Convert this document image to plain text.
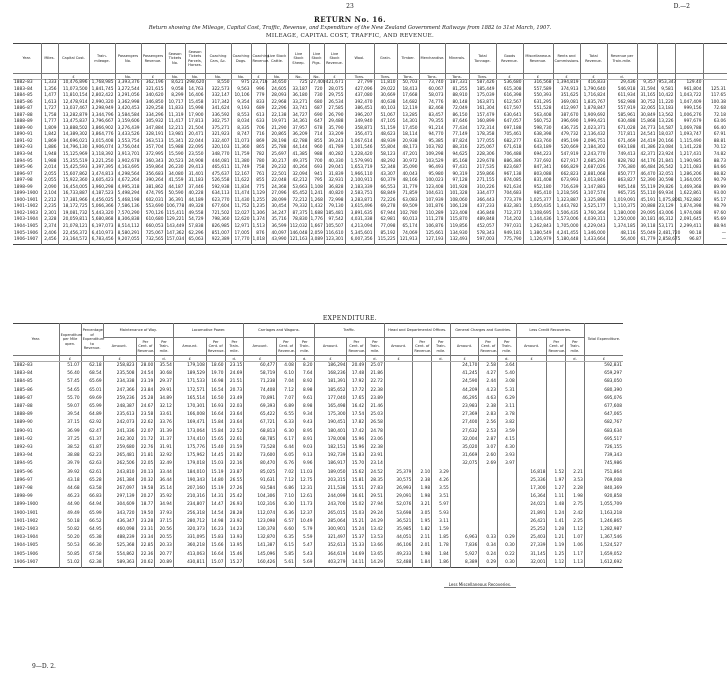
23	D.—2
RETURN No. 16.
Return showing the Mileage, Capital Cost, Traffic, Revenue, and Expenditure of the New Zealand Government Railways from 1882 to 31st March, 1907.
MILEAGE, CAPITAL COST, TRAFFIC, AND REVENUE.
Year.	Miles.	Capital Cost.	Train-mileage.	Passengers No.	Passengers Revenue.	Season Tickets No.	Season Tickets Parcels, Horses.	Coaching Cars, &c.	Coaching Dogs.	Coaching Revenue.	Live Stock Cattle.	Live Stock Sheep.	Live Stock Pigs.	Live Stock Revenue.	Wool.	Grain.	Timber.	Merchandise.	Minerals.	Total Tonnage.	Goods Revenue.	Miscellaneous Revenue.	Rents and Commissions.	Total Revenue.	Revenue per Train-mile.				
		£		No.	£	No.	No.	No.	No.	£	No.	No.	No.	£	Tons.	Tons.	Tons.	Tons.	Tons.	Tons.	£	£	£	£	d.				
1882–83	1,333	10,476,896	1,768,985	3,393,376	362,196	8,621	298,620	8,550	975	23,716	34,650	725	27,400	421,671	27,799	11,810	50,703	73,740	187,331	587,426	536,680	316,568	1,394,819	416,833	29,436	9,357	953,347	129.40	
1883–84	1,356	11,073,500	1,841,745	3,272,544	321,615	9,058	14,763	322,573	9,563	996	24,605	33,187	720	28,075	427,096	29,022	18,413	60,067	81,255	185,449	615,308	557,589	374,913	1,790,640	546,918	31,594	9,581	961,804	125.31
1884–85	1,477	11,810,154	2,802,422	3,291,056	340,620	8,299	16,406	332,147	10,106	779	28,093	36,180	730	29,755	437,080	30,669	17,668	58,073	88,910	175,039	616,398	550,393	351,625	1,716,824	611,934	31,165	10,422	1,043,722	117.65
1885–86	1,613	12,478,914	2,990,320	3,362,998	346,850	10,717	15,458	317,342	9,354	833	22,968	33,271	680	26,534	392,470	40,638	14,682	74,776	80,148	163,871	612,567	631,295	369,081	1,835,767	562,988	30,752	11,220	1,047,409	100.38
1886–87	1,727	13,037,467	3,298,949	3,420,453	329,258	11,833	15,998	341,624	9,193	689	22,296	33,741	687	27,585	386,451	40,103	12,119	82,468	72,049	161,304	617,597	551,528	412,997	1,878,847	557,919	32,065	13,183	999,156	72.68
1887–88	1,758	13,282,879	3,344,796	3,584,584	334,296	11,319	17,900	336,592	8,553	613	22,138	34,727	690	26,790	396,207	51,067	13,285	83,457	86,150	157,479	630,641	563,408	387,670	1,909,692	585,961	30,849	13,562	1,006,276	72.18
1888–89	1,777	13,475,837	3,796,667	3,159,606	305,932	11,417	17,813	302,757	8,034	633	19,971	34,361	647	29,488	349,940	47,105	14,301	79,355	87,646	160,899	647,057	560,752	396,690	1,999,421	630,488	15,868	13,226	997,679	63.06
1889–90	1,809	13,888,502	3,866,902	3,276,439	347,884	12,211	21,504	375,271	8,335	706	21,290	37,957	678	35,790	358,871	51,159	17,450	91,214	77,434	172,314	697,188	598,730	436,735	2,023,371	671,028	24,773	14,587	1,069,788	66.40
1890–91	1,842	14,389,302	3,864,776	3,433,526	328,191	13,981	20,471	321,923	8,747	716	20,865	36,209	714	33,209	356,471	48,623	18,114	94,770	77,149	178,358	705,461	638,398	479,732	2,136,432	717,811	24,541	18,037	1,093,747	67.91
1891–92	1,869	14,696,021	3,015,408	3,553,754	363,513	15,341	22,044	332,407	11,073	869	28,198	42,788	855	39,243	1,067,614	48,939	20,938	95,385	87,824	177,055	682,277	633,760	495,199	2,096,751	671,469	24,419	20,166	1,115,490	88.81
1892–93	1,886	14,796,130	3,906,074	3,756,044	357,704	15,988	22,095	320,103	11,360	865	25,788	44,144	960	41,789	1,101,546	55,804	48,173	103,782	88,316	225,067	671,618	643,189	520,669	2,184,302	693,188	41,386	23,084	1,141,228	70.12
1893–94	1,948	15,125,969	3,118,392	3,913,701	372,995	15,590	23,550	348,770	11,759	782	25,697	41,385	988	40,282	1,228,420	58,123	47,201	109,298	94,625	228,306	706,488	694,223	547,919	2,243,770	749,413	42,371	23,924	1,217,431	74.82
1894–95	1,988	15,355,519	3,221,250	3,902,678	360,343	20,523	24,908	444,081	11,380	780	30,217	49,375	700	40,330	1,579,991	48,292	30,972	103,529	85,168	229,678	886,386	737,692	627,917	2,685,291	828,782	44,176	21,841	1,190,985	88.73
1895–96	2,014	15,425,593	3,397,395	4,163,695	359,864	26,230	29,413	465,611	11,749	758	29,232	40,264	693	29,041	1,653,719	52,348	35,090	96,493	97,431	217,535	823,687	847,341	666,829	2,687,026	776,380	46,484	26,542	1,211,083	84.66
1896–97	2,055	15,607,862	3,474,813	4,298,564	356,683	34,080	31,401	475,637	12,167	761	22,501	32,094	941	31,839	1,966,110	43,307	40,043	95,980	90,319	259,866	967,138	803,088	662,823	2,881,068	850,777	46,470	32,051	1,286,206	88.82
1897–98	2,055	15,922,360	3,605,423	4,672,264	390,264	41,559	31,183	526,558	11,622	855	22,048	42,212	795	32,931	2,100,911	60,379	48,166	100,023	97,128	271,155	874,085	831,408	673,993	3,013,846	863,827	52,390	30,598	1,364,005	90.79
1898–99	2,090	16,454,005	3,960,298	4,995,318	381,862	44,187	37,446	592,938	11,834	775	24,368	53,663	1,108	36,828	2,183,339	66,553	31,779	123,408	101,928	310,226	921,634	952,180	716,639	3,147,883	905,148	55,119	29,826	1,469,368	89.99
1899–1900	2,104	16,733,887	4,187,523	5,498,294	474,795	50,590	40,228	634,113	11,474	1,129	27,096	65,452	1,241	40,820	2,583,751	68,849	71,859	104,631	101,328	334,477	704,683	985,410	1,218,595	3,107,574	965,735	55,110	69,934	1,622,861	93.00
1900–1901	2,212	17,381,966	4,456,025	5,468,198	602,031	36,391	44,189	623,770	11,430	1,255	28,099	72,212	1,268	72,998	3,283,871	72,226	63,083	107,939	108,060	366,443	773,379	1,025,377	1,323,887	3,325,898	1,019,091	45,191	1,075,806	1,762,882	95.17
1901–1902	2,235	18,172,725	5,066,366	7,586,136	553,690	106,778	49,328	677,604	11,752	1,235	30,454	79,332	1,432	79,130	3,615,496	69,278	69,509	101,876	106,128	437,233	832,381	1,050,435	1,443,782	3,525,177	1,110,375	20,888	23,129	1,874,398	98.79
1902–1903	2,301	19,081,732	5,443,320	7,570,290	570,126	115,411	49,558	721,502	12,027	1,306	34,247	87,375	1,688	185,481	3,891,635	67,944	102,780	110,289	123,408	436,848	712,372	1,108,695	1,506,435	3,760,364	1,180,000	29,095	43,006	1,974,088	97.60
1903–1904	2,328	20,059,811	5,680,868	8,306,838	610,680	129,221	54,729	798,360	12,620	1,374	35,716	78,830	1,776	97,542	4,031,338	62,981	60,013	111,278	115,870	489,848	714,202	1,144,436	1,573,006	4,039,311	1,250,000	30,181	46,312	2,091,645	95.69
1904–1905	2,374	21,078,121	6,197,073	8,514,112	660,053	143,449	57,838	826,985	12,971	1,513	36,599	112,032	1,667	105,507	4,213,094	77,098	65,174	106,876	119,856	452,057	797,031	1,262,843	1,705,000	4,229,043	1,374,185	39,118	53,171	2,299,411	88.94
1905–1906	2,406	22,456,372	6,410,973	8,580,291	725,067	147,362	62,296	851,007	17,005	876	40,097	146,048	2,059	116,610	5,345,601	85,192	74,069	125,661	134,930	578,343	949,181	1,380,549	4,241,455	1,346,000	48,116	55,049	2,481,720	90.18	—
1906–1907	2,456	23,164,572	6,783,456	9,207,055	732,565	157,034	65,063	922,389	17,770	1,018	43,990	121,163	3,089	123,301	6,007,356	115,225	121,913	127,193	132,493	597,003	775,790	1,126,979	5,180,448	1,433,664	56,400	61,779	2,858,675	96.87	—
EXPENDITURE.
Year.	Expenditure per Mile open.	Percentage of Expenditure to Revenue.	Maintenance of Way.			Locomotive Power.			Carriages and Wagons.			Traffic.			Head and Departmental Offices.			General Charges and Sundries.			Less Credit Recoveries.			Total Expenditure.
			Amount.	Per Cent. of Revenue.	Per Train-mile.	Amount.	Per Cent. of Revenue.	Per Train-mile.	Amount.	Per Cent. of Revenue.	Per Train-mile.	Amount.	Per Cent. of Revenue.	Per Train-mile.	Amount.	Per Cent. of Revenue.	Per Train-mile.	Amount.	Per Cent. of Revenue.	Per Train-mile.	Amount.	Per Cent. of Revenue.	Per Train-mile.	
	£		£		d.	£		d.	£		d.	£		d.	£		d.	£		d.	£		d.	£
1882–83	51.07	62.18	258,823	28.00	35.54	179,108	18.60	23.15	60,477	4.08	8.20	186,294	20.49	25.07				24,170	2.58	3.64				592,831
1883–84	56.40	68.54	235,508	24.54	30.68	189,529	19.70	24.69	58,719	6.10	7.64	168,236	17.48	21.86				41,245	4.27	5.40				659,297
1884–85	57.45	65.69	234,338	23.19	29.37	171,533	16.98	21.51	71,238	7.04	8.92	181,391	17.92	22.72				24,590	2.44	3.08				683,050
1885–86	54.65	65.01	247,366	23.84	29.91	172,571	16.54	20.73	74,408	7.12	8.98	185,652	17.72	22.38				44,209	4.23	5.31				680,390
1886–87	55.70	69.69	259,236	25.28	34.89	165,514	16.50	23.49	70,891	7.07	9.61	177,040	17.65	23.89				46,295	4.63	6.29				695,076
1887–88	59.07	65.99	248,387	24.67	32.12	170,301	16.93	22.03	69,393	6.89	8.98	165,498	16.42	21.46				23,983	2.38	3.11				677,608
1888–89	39.54	64.89	235,613	23.58	33.61	166,008	16.64	23.64	65,422	6.55	9.34	175,300	17.54	25.03				27,369	2.83	3.78				647,065
1889–90	37.15	62.92	242,073	22.62	33.76	169,471	15.84	23.64	67,721	6.33	9.43	190,451	17.82	26.58				27,400	2.56	3.82				682,767
1890–91	36.99	62.47	241,336	22.07	31.39	173,064	15.84	22.52	68,813	6.30	8.95	180,401	17.42	24.78				27,632	2.53	3.59				683,634
1891–92	37.25	61.37	242,302	21.72	31.37	174,410	15.65	22.61	68,785	6.17	8.91	178,008	15.96	23.06				32,004	2.87	4.15				695,517
1892–93	38.52	61.87	259,680	22.76	31.91	175,776	15.40	21.59	73,528	6.44	9.03	182,151	15.96	22.38				35,020	3.07	4.30				726,155
1893–94	38.88	62.23	265,481	21.81	32.92	175,962	14.45	21.82	73,600	6.05	9.13	192,739	15.83	23.91				31,669	2.60	3.93				739,343
1894–95	39.79	62.63	262,506	22.05	32.49	179,018	15.03	22.16	80,470	6.76	9.96	186,917	15.70	23.14				32,075	2.69	3.97				745,986
1895–96	39.92	62.61	243,810	20.13	33.44	184,010	15.19	23.87	85,025	7.02	11.03	189,050	15.62	24.52	25,379	2.10	3.29				16,818	1.52	2.21	751,864
1896–97	43.18	65.28	261,384	20.32	36.44	190,343	14.80	26.55	91,631	7.12	12.75	203,315	15.81	28.35	30,575	2.38	4.26				25,336	1.97	3.53	769,008
1897–98	44.68	63.58	267,097	19.58	35.14	207,160	15.19	27.26	93,584	6.86	12.31	211,538	15.51	27.83	26,993	1.98	3.55				17,300	1.27	2.28	840,369
1898–99	46.23	66.83	297,139	20.27	35.92	210,316	14.31	25.42	104,306	7.10	12.61	244,099	16.61	29.51	29,091	1.98	3.51				16,364	1.11	1.98	920,858
1899–1900	44.90	64.94	304,609	18.77	34.94	234,807	14.47	26.93	102,316	6.30	11.73	243,700	15.02	27.94	52,076	3.21	5.97				24,021	1.48	2.75	1,055,709
1900–1901	49.49	65.99	343,720	19.50	37.93	256,318	14.54	28.28	112,074	6.36	12.37	265,015	15.03	29.24	53,698	3.05	5.93				21,891	1.24	2.42	1,163,218
1901–1902	50.18	66.52	436,347	23.28	37.15	280,712	14.98	23.92	123,098	6.57	10.49	285,064	15.21	24.29	36,521	1.95	3.11				26,421	1.41	2.25	1,246,865
1902–1903	50.82	64.95	460,098	23.31	20.56	320,373	16.23	14.23	130,378	6.60	5.79	300,901	15.24	13.42	35,985	1.82	1.59				25,252	1.28	1.12	1,282,987
1903–1904	50.20	65.38	488,239	23.34	20.55	331,095	15.83	13.93	132,870	6.35	5.59	321,497	15.37	13.53	44,051	2.11	1.85	6,963	0.33	0.29	25,403	1.21	1.07	1,367,546
1904–1905	50.53	66.30	525,368	22.85	20.33	360,218	15.66	13.95	141,387	6.15	5.47	352,613	15.33	13.66	46,106	2.01	1.78	7,836	0.34	0.30	27,339	1.19	1.06	1,524,527
1905–1906	50.85	67.58	554,862	22.36	20.77	413,063	16.64	15.46	145,096	5.85	5.43	364,619	14.69	13.65	49,233	1.98	1.84	5,927	0.24	0.22	31,145	1.25	1.17	1,659,052
1906–1907	51.02	62.38	589,363	20.62	20.89	430,811	15.07	15.27	160,426	5.61	5.69	403,279	14.11	14.29	52,488	1.84	1.86	8,389	0.29	0.30	32,001	1.12	1.13	1,612,692
Less Miscellaneous Recoveries.
9—D. 2.
